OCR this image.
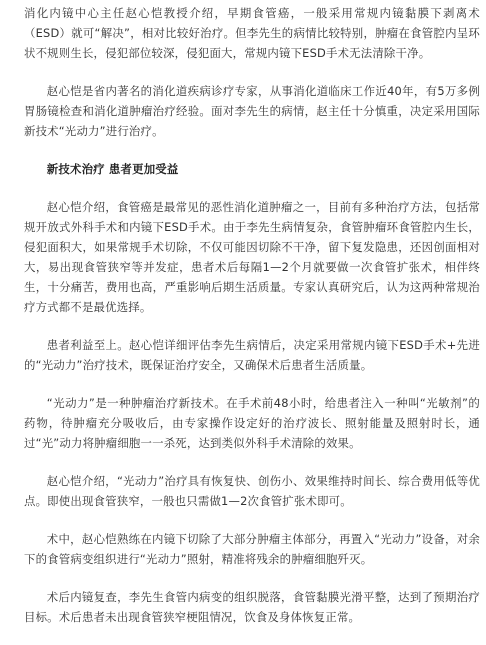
消化内镜中心主任赵心恺教授介绍，早期食管癌，一般采用常规内镜黏膜下剥离术（ESD）就可“解决”，相对比较好治疗。但李先生的病情比较特别，肿瘤在食管腔内呈环状不规则生长，侵犯部位较深，侵犯面大，常规内镜下ESD手术无法清除干净。

赵心恺是省内著名的消化道疾病诊疗专家，从事消化道临床工作近40年，有5万多例胃肠镜检查和消化道肿瘤治疗经验。面对李先生的病情，赵主任十分慎重，决定采用国际新技术“光动力”进行治疗。

新技术治疗 患者更加受益

赵心恺介绍，食管癌是最常见的恶性消化道肿瘤之一，目前有多种治疗方法，包括常规开放式外科手术和内镜下ESD手术。由于李先生病情复杂，食管肿瘤环食管腔内生长，侵犯面积大，如果常规手术切除，不仅可能因切除不干净，留下复发隐患，还因创面相对大，易出现食管狭窄等并发症，患者术后每隔1—2个月就要做一次食管扩张术，相伴终生，十分痛苦，费用也高，严重影响后期生活质量。专家认真研究后，认为这两种常规治疗方式都不是最优选择。

患者利益至上。赵心恺详细评估李先生病情后，决定采用常规内镜下ESD手术+先进的“光动力”治疗技术，既保证治疗安全，又确保术后患者生活质量。

“光动力”是一种肿瘤治疗新技术。在手术前48小时，给患者注入一种叫“光敏剂”的药物，待肿瘤充分吸收后，由专家操作设定好的治疗波长、照射能量及照射时长，通过“光”动力将肿瘤细胞一一杀死，达到类似外科手术清除的效果。

赵心恺介绍，“光动力”治疗具有恢复快、创伤小、效果维持时间长、综合费用低等优点。即使出现食管狭窄，一般也只需做1—2次食管扩张术即可。

术中，赵心恺熟练在内镜下切除了大部分肿瘤主体部分，再置入“光动力”设备，对余下的食管病变组织进行“光动力”照射，精准将残余的肿瘤细胞歼灭。

术后内镜复查，李先生食管内病变的组织脱落，食管黏膜光滑平整，达到了预期治疗目标。术后患者未出现食管狭窄梗阻情况，饮食及身体恢复正常。
